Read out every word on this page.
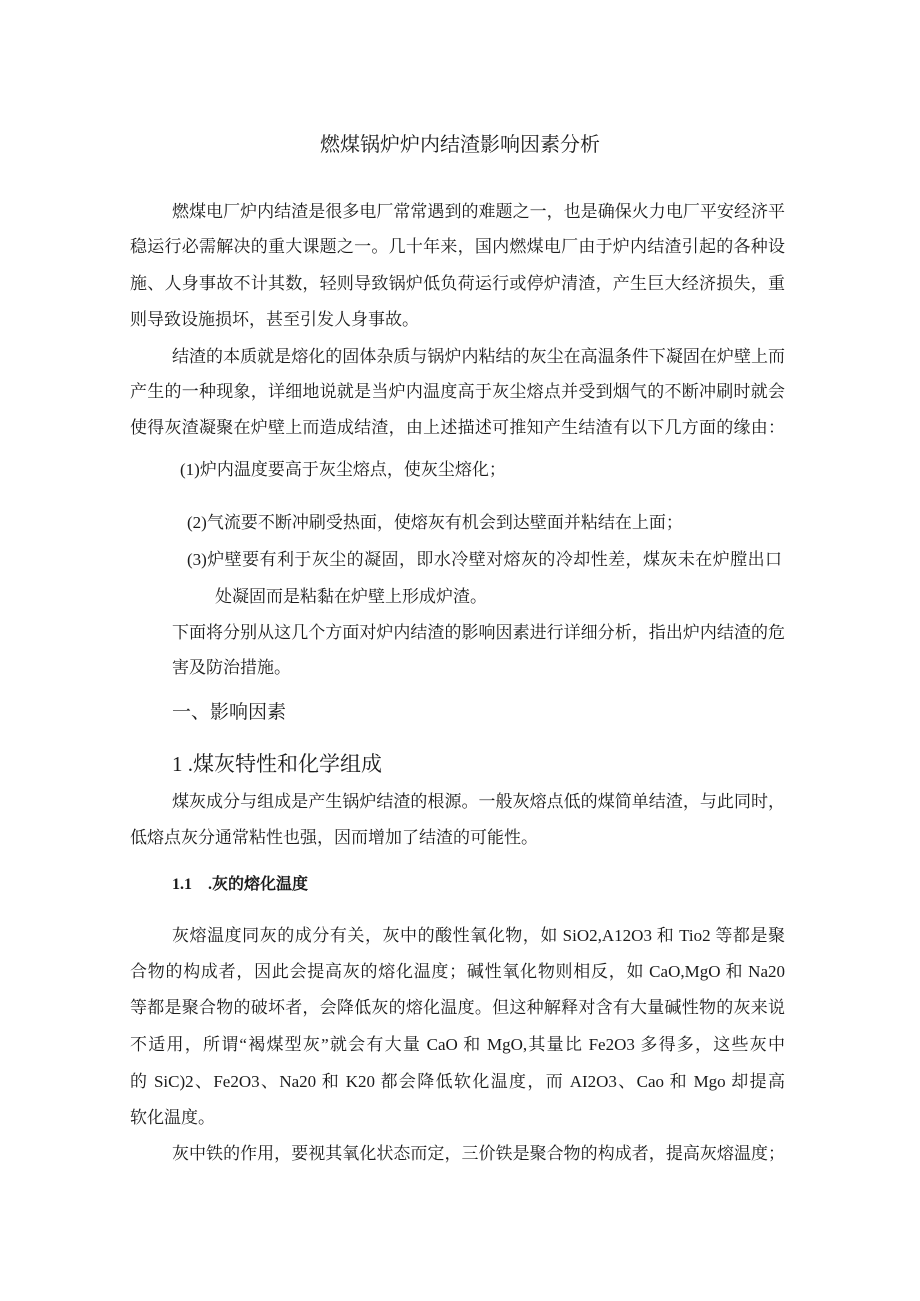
燃煤锅炉炉内结渣影响因素分析
燃煤电厂炉内结渣是很多电厂常常遇到的难题之一，也是确保火力电厂平安经济平
稳运行必需解决的重大课题之一。几十年来，国内燃煤电厂由于炉内结渣引起的各种设
施、人身事故不计其数，轻则导致锅炉低负荷运行或停炉清渣，产生巨大经济损失，重
则导致设施损坏，甚至引发人身事故。
结渣的本质就是熔化的固体杂质与锅炉内粘结的灰尘在高温条件下凝固在炉壁上而
产生的一种现象，详细地说就是当炉内温度高于灰尘熔点并受到烟气的不断冲刷时就会
使得灰渣凝聚在炉壁上而造成结渣，由上述描述可推知产生结渣有以下几方面的缘由：
(1)炉内温度要高于灰尘熔点，使灰尘熔化；
(2)气流要不断冲刷受热面，使熔灰有机会到达壁面并粘结在上面；
(3)炉壁要有利于灰尘的凝固，即水冷壁对熔灰的冷却性差，煤灰未在炉膛出口
处凝固而是粘黏在炉壁上形成炉渣。
下面将分别从这几个方面对炉内结渣的影响因素进行详细分析，指出炉内结渣的危
害及防治措施。
一、影响因素
1 .煤灰特性和化学组成
煤灰成分与组成是产生锅炉结渣的根源。一般灰熔点低的煤简单结渣，与此同时，
低熔点灰分通常粘性也强，因而增加了结渣的可能性。
1.1　.灰的熔化温度
灰熔温度同灰的成分有关，灰中的酸性氧化物，如 SiO2,A12O3 和 Tio2 等都是聚
合物的构成者，因此会提高灰的熔化温度；碱性氧化物则相反，如 CaO,MgO 和 Na20
等都是聚合物的破坏者，会降低灰的熔化温度。但这种解释对含有大量碱性物的灰来说
不适用，所谓“褐煤型灰”就会有大量 CaO 和 MgO,其量比 Fe2O3 多得多，这些灰中
的 SiC)2、Fe2O3、Na20 和 K20 都会降低软化温度，而 AI2O3、Cao 和 Mgo 却提高
软化温度。
灰中铁的作用，要视其氧化状态而定，三价铁是聚合物的构成者，提高灰熔温度；
